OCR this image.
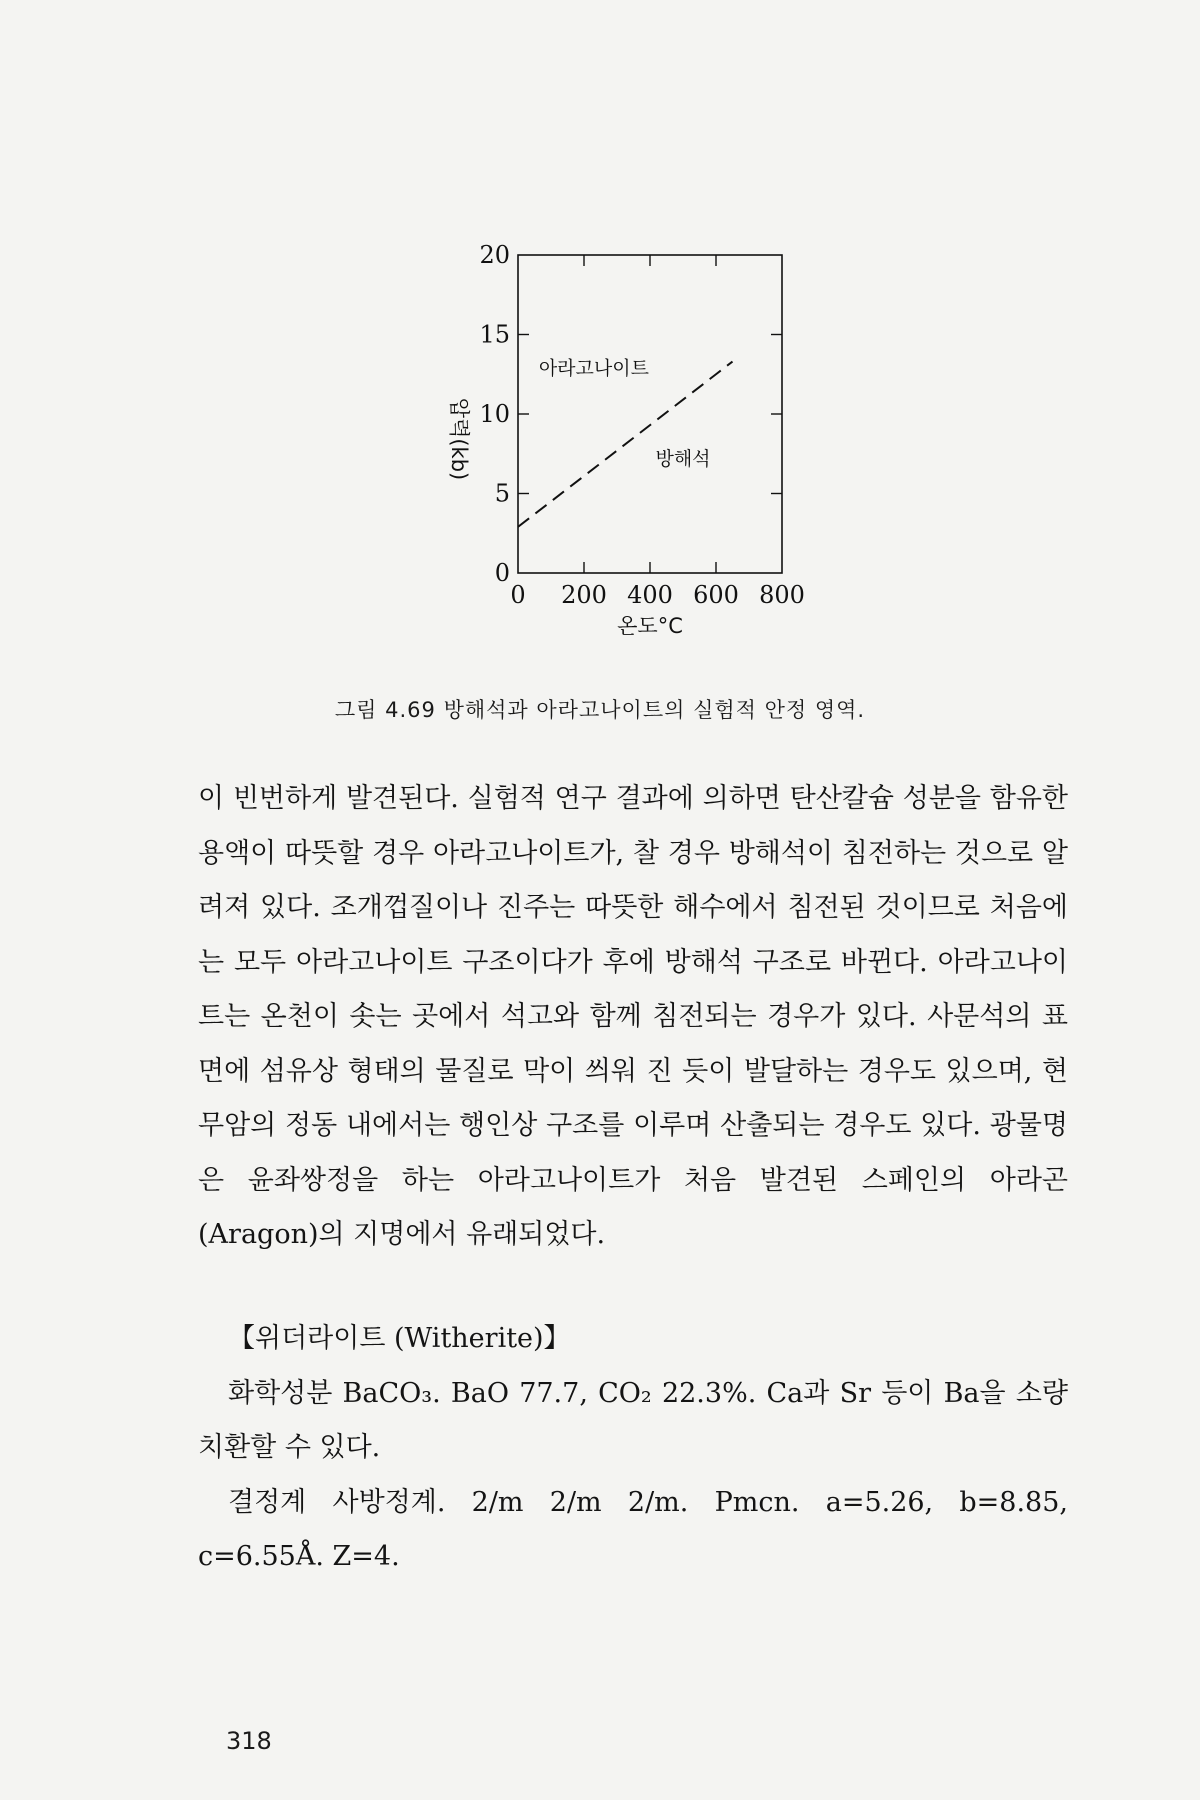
0 200 400 600 800
0
5
10
15
20
아라고나이트
방해석
온도°C
압력(kb)
그림 4.69 방해석과 아라고나이트의 실험적 안정 영역.
이 빈번하게 발견된다. 실험적 연구 결과에 의하면 탄산칼슘 성분을 함유한 용액이 따뜻할 경우 아라고나이트가, 찰 경우 방해석이 침전하는 것으로 알려져 있다. 조개껍질이나 진주는 따뜻한 해수에서 침전된 것이므로 처음에는 모두 아라고나이트 구조이다가 후에 방해석 구조로 바뀐다. 아라고나이트는 온천이 솟는 곳에서 석고와 함께 침전되는 경우가 있다. 사문석의 표면에 섬유상 형태의 물질로 막이 씌워 진 듯이 발달하는 경우도 있으며, 현무암의 정동 내에서는 행인상 구조를 이루며 산출되는 경우도 있다. 광물명은 윤좌쌍정을 하는 아라고나이트가 처음 발견된 스페인의 아라곤 (Aragon)의 지명에서 유래되었다.

【위더라이트 (Witherite)】

화학성분 BaCO₃. BaO 77.7, CO₂ 22.3%. Ca과 Sr 등이 Ba을 소량 치환할 수 있다.

결정계 사방정계. 2/m 2/m 2/m. Pmcn. a=5.26, b=8.85, c=6.55Å. Z=4.

318
